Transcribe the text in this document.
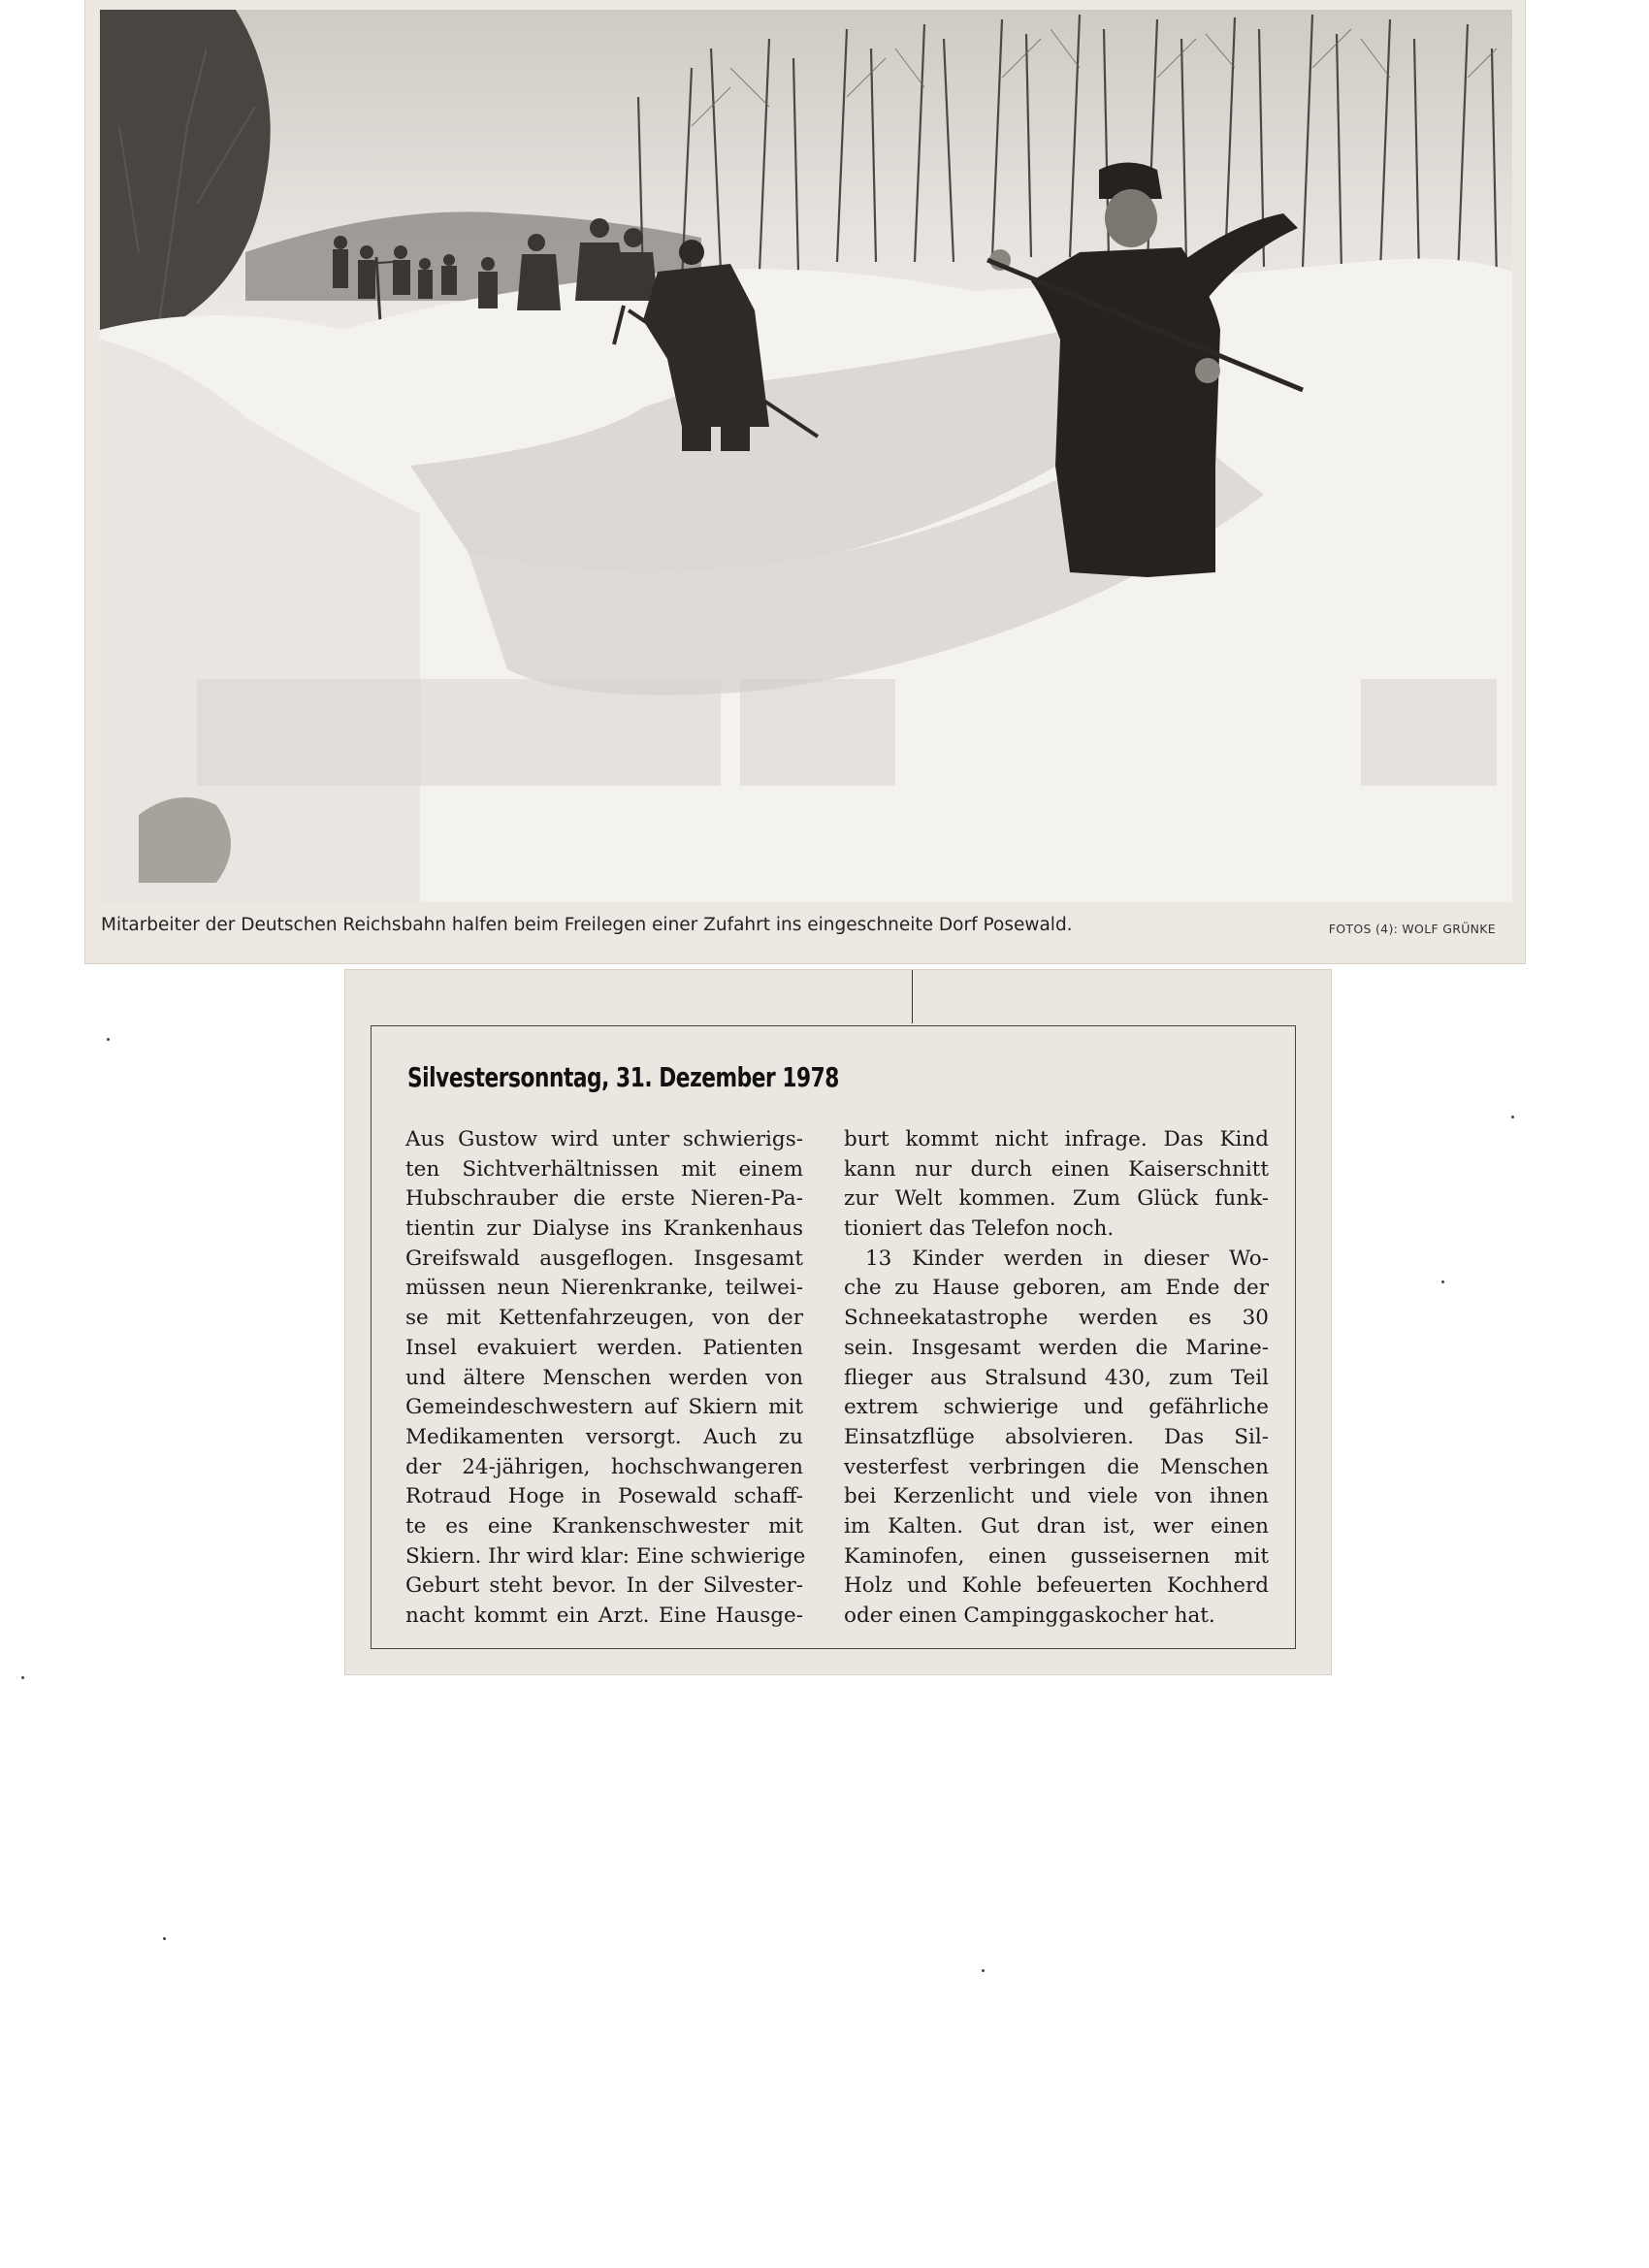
Mitarbeiter der Deutschen Reichsbahn halfen beim Freilegen einer Zufahrt ins eingeschneite Dorf Posewald.	FOTOS (4): WOLF GRÜNKE
Silvestersonntag, 31. Dezember 1978
Aus Gustow wird unter schwierigs-
ten Sichtverhältnissen mit einem
Hubschrauber die erste Nieren-Pa-
tientin zur Dialyse ins Krankenhaus
Greifswald ausgeflogen. Insgesamt
müssen neun Nierenkranke, teilwei-
se mit Kettenfahrzeugen, von der
Insel evakuiert werden. Patienten
und ältere Menschen werden von
Gemeindeschwestern auf Skiern mit
Medikamenten versorgt. Auch zu
der 24-jährigen, hochschwangeren
Rotraud Hoge in Posewald schaff-
te es eine Krankenschwester mit
Skiern. Ihr wird klar: Eine schwierige
Geburt steht bevor. In der Silvester-
nacht kommt ein Arzt. Eine Hausge-
burt kommt nicht infrage. Das Kind
kann nur durch einen Kaiserschnitt
zur Welt kommen. Zum Glück funk-
tioniert das Telefon noch.
13 Kinder werden in dieser Wo-
che zu Hause geboren, am Ende der
Schneekatastrophe werden es 30
sein. Insgesamt werden die Marine-
flieger aus Stralsund 430, zum Teil
extrem schwierige und gefährliche
Einsatzflüge absolvieren. Das Sil-
vesterfest verbringen die Menschen
bei Kerzenlicht und viele von ihnen
im Kalten. Gut dran ist, wer einen
Kaminofen, einen gusseisernen mit
Holz und Kohle befeuerten Kochherd
oder einen Campinggaskocher hat.
